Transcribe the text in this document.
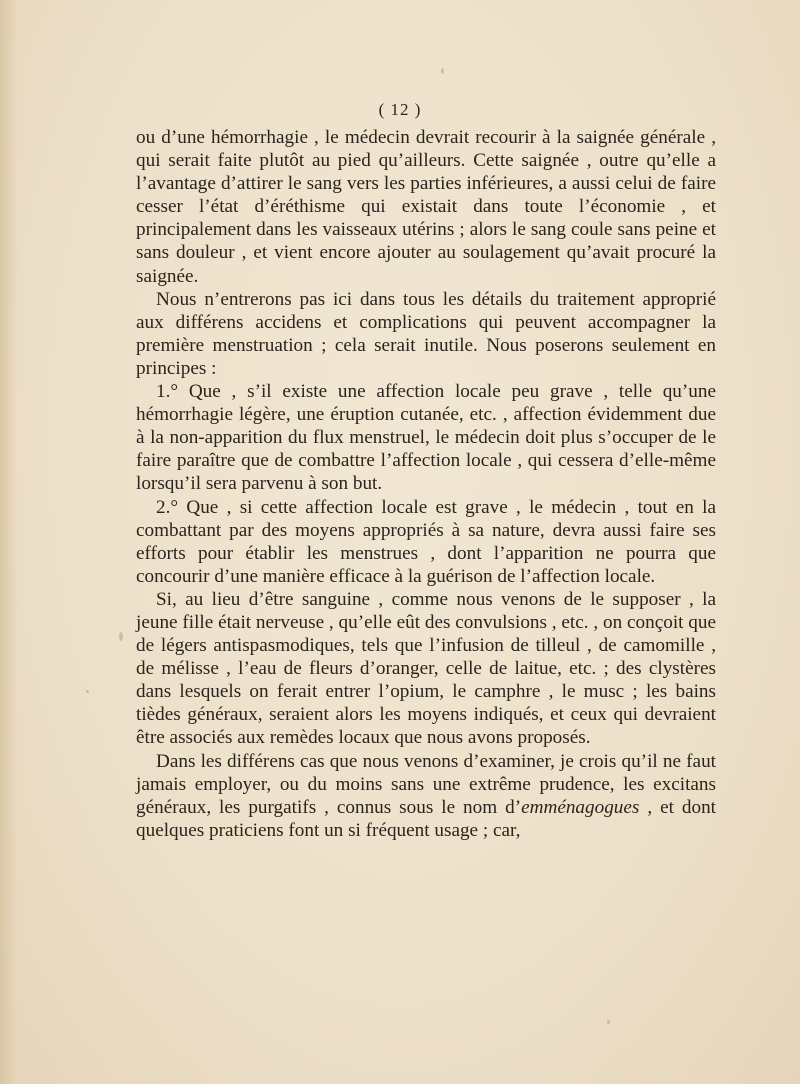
( 12 )

ou d’une hémorrhagie , le médecin devrait recourir à la saignée générale , qui serait faite plutôt au pied qu’ailleurs. Cette saignée , outre qu’elle a l’avantage d’attirer le sang vers les parties inférieures, a aussi celui de faire cesser l’état d’éréthisme qui existait dans toute l’économie , et principalement dans les vaisseaux utérins ; alors le sang coule sans peine et sans douleur , et vient encore ajouter au soulagement qu’avait procuré la saignée.

Nous n’entrerons pas ici dans tous les détails du traitement approprié aux différens accidens et complications qui peuvent accompagner la première menstruation ; cela serait inutile. Nous poserons seulement en principes :

1.° Que , s’il existe une affection locale peu grave , telle qu’une hémorrhagie légère, une éruption cutanée, etc. , affection évidemment due à la non-apparition du flux menstruel, le médecin doit plus s’occuper de le faire paraître que de combattre l’affection locale , qui cessera d’elle-même lorsqu’il sera parvenu à son but.

2.° Que , si cette affection locale est grave , le médecin , tout en la combattant par des moyens appropriés à sa nature, devra aussi faire ses efforts pour établir les menstrues , dont l’apparition ne pourra que concourir d’une manière efficace à la guérison de l’affection locale.

Si, au lieu d’être sanguine , comme nous venons de le supposer , la jeune fille était nerveuse , qu’elle eût des convulsions , etc. , on conçoit que de légers antispasmodiques, tels que l’infusion de tilleul , de camomille , de mélisse , l’eau de fleurs d’oranger, celle de laitue, etc. ; des clystères dans lesquels on ferait entrer l’opium, le camphre , le musc ; les bains tièdes généraux, seraient alors les moyens indiqués, et ceux qui devraient être associés aux remèdes locaux que nous avons proposés.

Dans les différens cas que nous venons d’examiner, je crois qu’il ne faut jamais employer, ou du moins sans une extrême prudence, les excitans généraux, les purgatifs , connus sous le nom d’emménagogues , et dont quelques praticiens font un si fréquent usage ; car,
